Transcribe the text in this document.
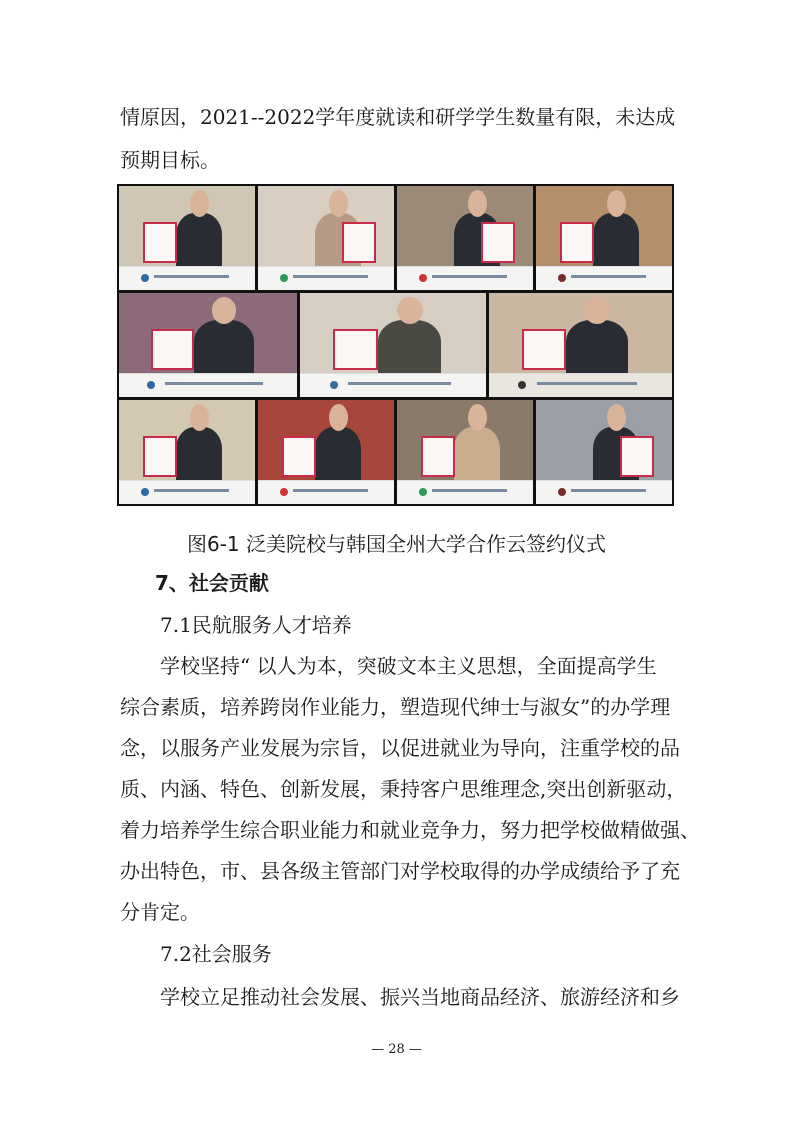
情原因，2021--2022学年度就读和研学学生数量有限，未达成
预期目标。
图6-1 泛美院校与韩国全州大学合作云签约仪式
7、社会贡献
7.1民航服务人才培养
学校坚持“ 以人为本，突破文本主义思想，全面提高学生
综合素质，培养跨岗作业能力，塑造现代绅士与淑女”的办学理
念，以服务产业发展为宗旨，以促进就业为导向，注重学校的品
质、内涵、特色、创新发展，秉持客户思维理念,突出创新驱动，
着力培养学生综合职业能力和就业竞争力，努力把学校做精做强、
办出特色，市、县各级主管部门对学校取得的办学成绩给予了充
分肯定。
7.2社会服务
学校立足推动社会发展、振兴当地商品经济、旅游经济和乡
— 28 —
